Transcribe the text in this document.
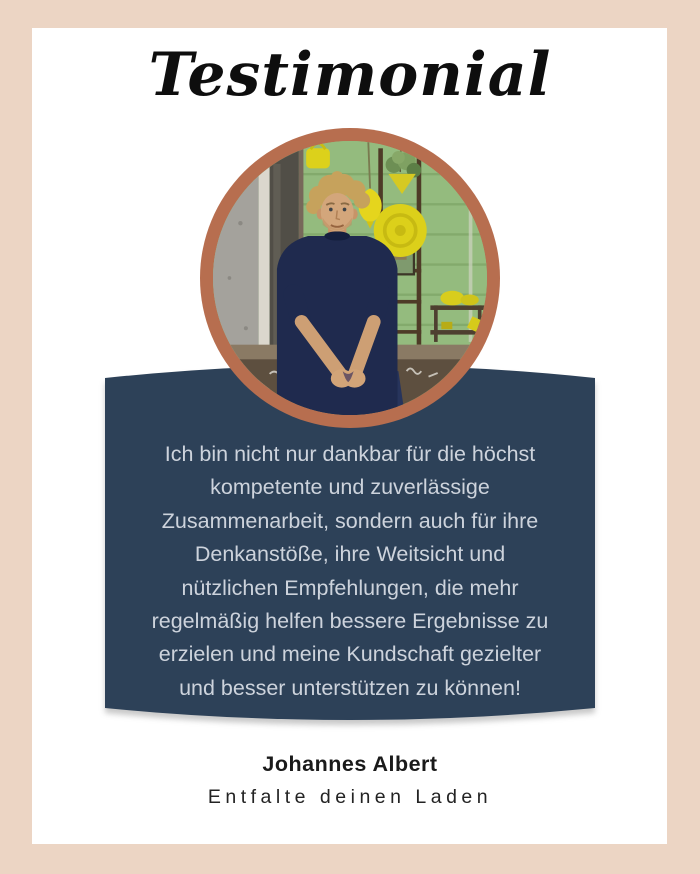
Testimonial
Ich bin nicht nur dankbar für die höchst
kompetente und zuverlässige
Zusammenarbeit, sondern auch für ihre
Denkanstöße, ihre Weitsicht und
nützlichen Empfehlungen, die mehr
regelmäßig helfen bessere Ergebnisse zu
erzielen und meine Kundschaft gezielter
und besser unterstützen zu können!
Johannes Albert
Entfalte deinen Laden
